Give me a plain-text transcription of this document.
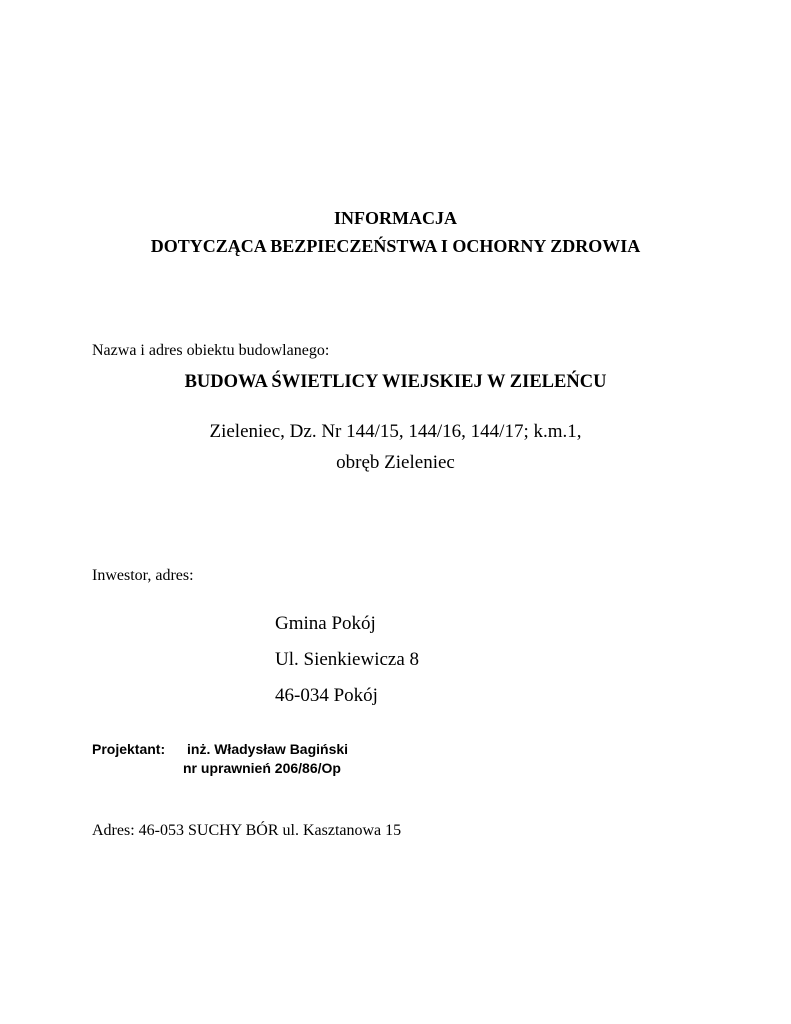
INFORMACJA
DOTYCZĄCA BEZPIECZEŃSTWA I OCHORNY ZDROWIA
Nazwa i adres obiektu budowlanego:
BUDOWA ŚWIETLICY WIEJSKIEJ W ZIELEŃCU
Zieleniec, Dz. Nr 144/15, 144/16, 144/17; k.m.1,
obręb Zieleniec
Inwestor, adres:
Gmina Pokój
Ul. Sienkiewicza 8
46-034 Pokój
Projektant: inż. Władysław Bagiński
nr uprawnień 206/86/Op
Adres: 46-053 SUCHY BÓR ul. Kasztanowa 15
